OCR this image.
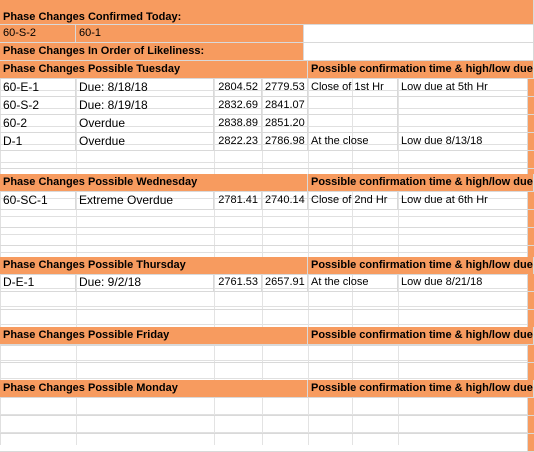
Phase Changes Confirmed Today:
60-S-2	60-1
Phase Changes In Order of Likeliness:
Phase Changes Possible Tuesday	Possible confirmation time & high/low due
60-E-1	Due: 8/18/18	2804.52 2779.53 Close of 1st Hr	Low due at 5th Hr
60-S-2	Due: 8/19/18	2832.69 2841.07
60-2	Overdue	2838.89 2851.20
D-1	Overdue	2822.23 2786.98 At the close	Low due 8/13/18
Phase Changes Possible Wednesday	Possible confirmation time & high/low due
60-SC-1	Extreme Overdue	2781.41 2740.14 Close of 2nd Hr	Low due at 6th Hr
Phase Changes Possible Thursday	Possible confirmation time & high/low due
D-E-1	Due: 9/2/18	2761.53 2657.91 At the close	Low due 8/21/18
Phase Changes Possible Friday	Possible confirmation time & high/low due
Phase Changes Possible Monday	Possible confirmation time & high/low due
